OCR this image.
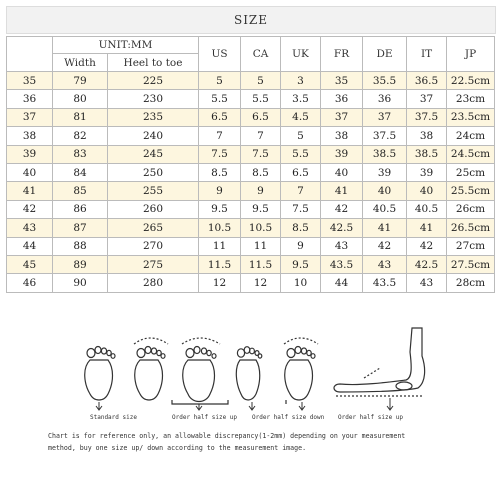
SIZE
	UNIT:MM		US	CA	UK	FR	DE	IT	JP
	Width	Heel to toe							
35	79	225	5	5	3	35	35.5	36.5	22.5cm
36	80	230	5.5	5.5	3.5	36	36	37	23cm
37	81	235	6.5	6.5	4.5	37	37	37.5	23.5cm
38	82	240	7	7	5	38	37.5	38	24cm
39	83	245	7.5	7.5	5.5	39	38.5	38.5	24.5cm
40	84	250	8.5	8.5	6.5	40	39	39	25cm
41	85	255	9	9	7	41	40	40	25.5cm
42	86	260	9.5	9.5	7.5	42	40.5	40.5	26cm
43	87	265	10.5	10.5	8.5	42.5	41	41	26.5cm
44	88	270	11	11	9	43	42	42	27cm
45	89	275	11.5	11.5	9.5	43.5	43	42.5	27.5cm
46	90	280	12	12	10	44	43.5	43	28cm
Standard size	Order half size up Order half size down Order half size up
Chart is for reference only, an allowable discrepancy(1-2mm) depending on your measurement
method, buy one size up/ down according to the measurement image.
